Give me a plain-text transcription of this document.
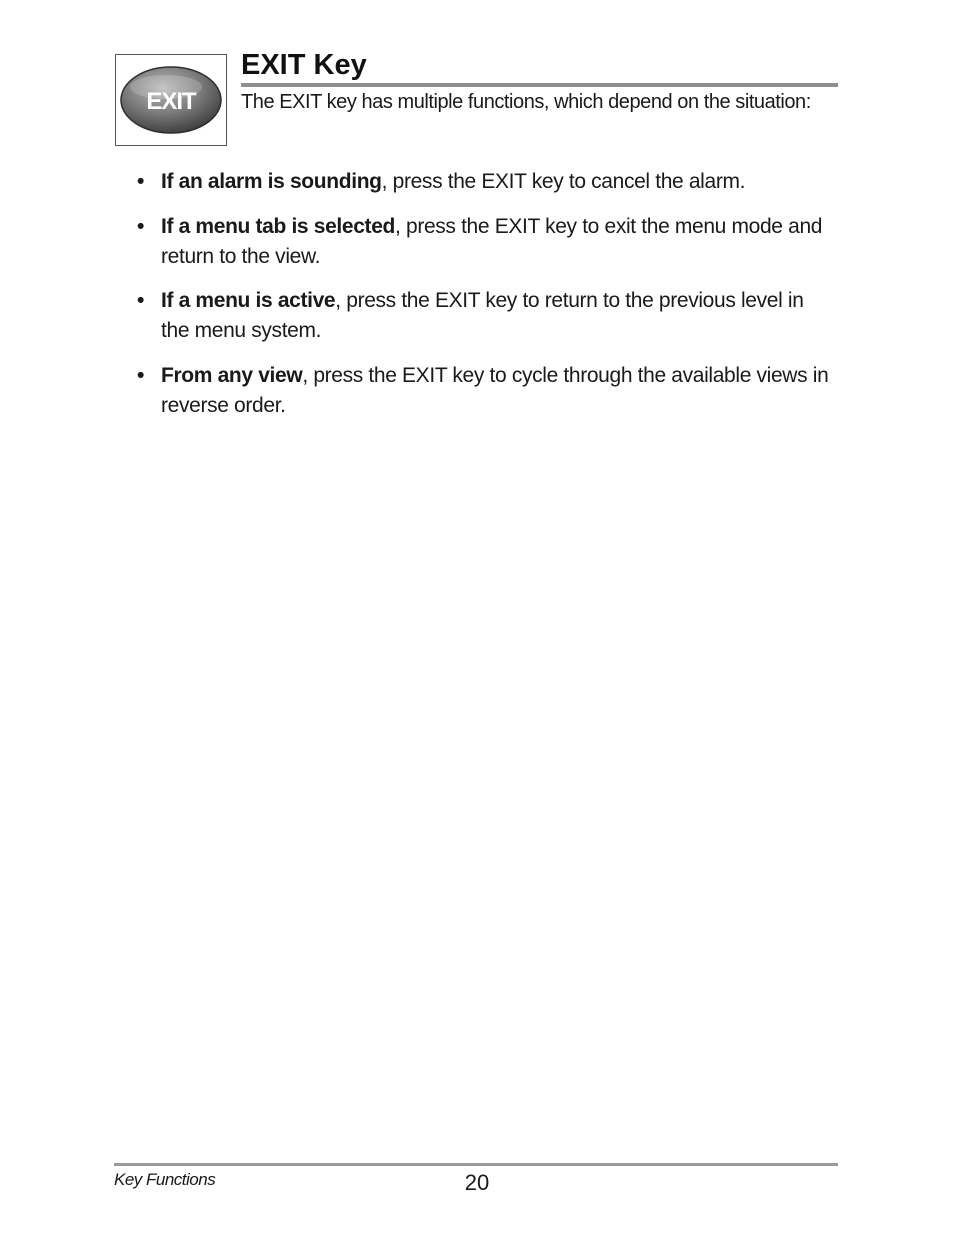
EXIT
EXIT Key

The EXIT key has multiple functions, which depend on the situation:

• If an alarm is sounding, press the EXIT key to cancel the alarm.
• If a menu tab is selected, press the EXIT key to exit the menu mode and return to the view.
• If a menu is active, press the EXIT key to return to the previous level in the menu system.
• From any view, press the EXIT key to cycle through the available views in reverse order.
Key Functions	20
